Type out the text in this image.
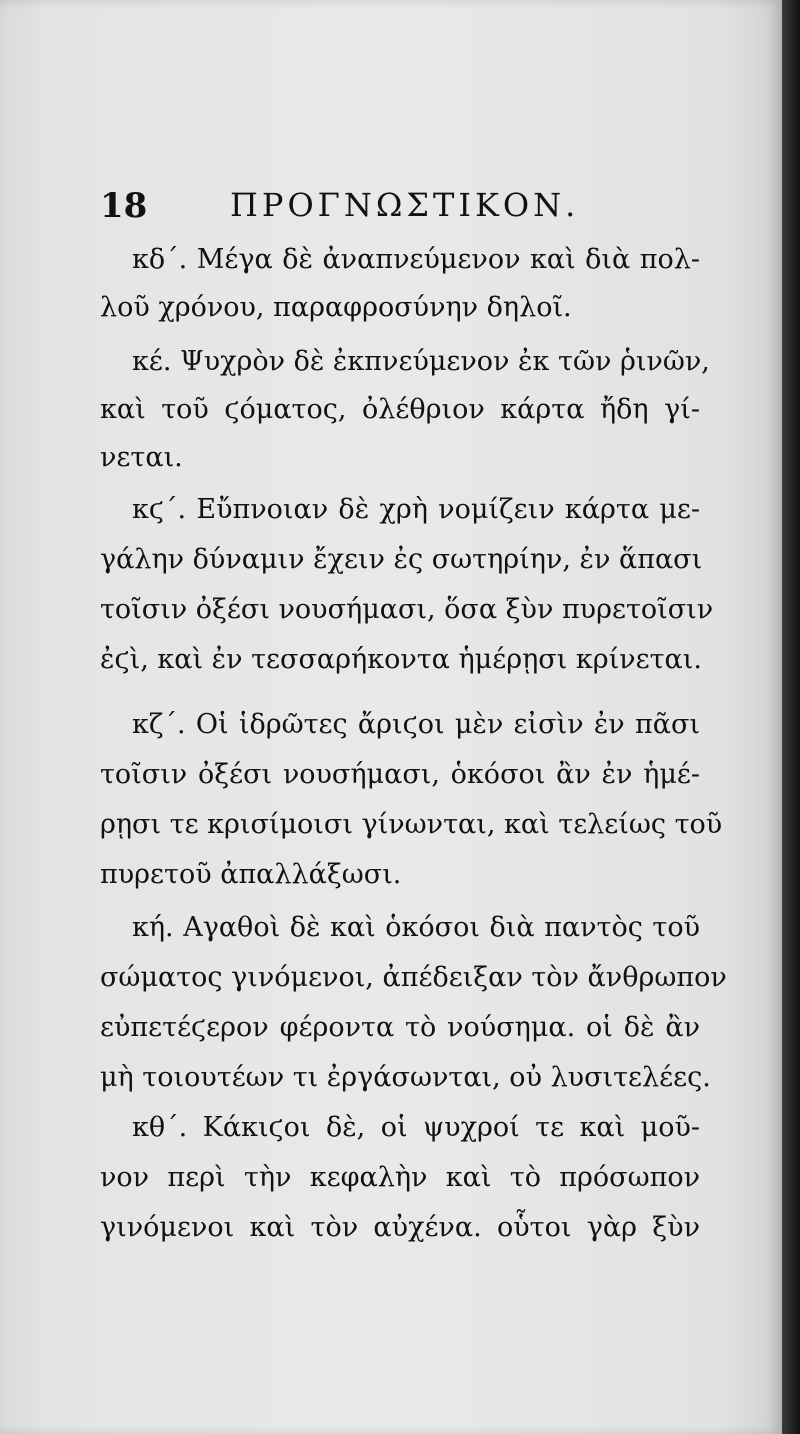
18	ΠΡΟΓΝΩΣΤΙΚΟΝ.
κδ΄. Μέγα δὲ ἀναπνεύμενον καὶ διὰ πολ-
λοῦ χρόνου, παραφροσύνην δηλοῖ.
κέ. Ψυχρὸν δὲ ἐκπνεύμενον ἐκ τῶν ῥινῶν,
καὶ τοῦ ϛόματος, ὀλέθριον κάρτα ἤδη γί-
νεται.
κϛ΄. Εὔπνοιαν δὲ χρὴ νομίζειν κάρτα με-
γάλην δύναμιν ἔχειν ἐς σωτηρίην, ἐν ἅπασι
τοῖσιν ὀξέσι νουσήμασι, ὅσα ξὺν πυρετοῖσιν
ἐϛὶ, καὶ ἐν τεσσαρήκοντα ἡμέρῃσι κρίνεται.
κζ΄. Οἱ ἱδρῶτες ἄριϛοι μὲν εἰσὶν ἐν πᾶσι
τοῖσιν ὀξέσι νουσήμασι, ὁκόσοι ἂν ἐν ἡμέ-
ρῃσι τε κρισίμοισι γίνωνται, καὶ τελείως τοῦ
πυρετοῦ ἀπαλλάξωσι.
κή. Αγαθοὶ δὲ καὶ ὁκόσοι διὰ παντὸς τοῦ
σώματος γινόμενοι, ἀπέδειξαν τὸν ἄνθρωπον
εὐπετέϛερον φέροντα τὸ νούσημα. οἱ δὲ ἂν
μὴ τοιουτέων τι ἐργάσωνται, οὐ λυσιτελέες.
κθ΄. Κάκιϛοι δὲ, οἱ ψυχροί τε καὶ μοῦ-
νον περὶ τὴν κεφαλὴν καὶ τὸ πρόσωπον
γινόμενοι καὶ τὸν αὐχένα. οὗτοι γὰρ ξὺν
